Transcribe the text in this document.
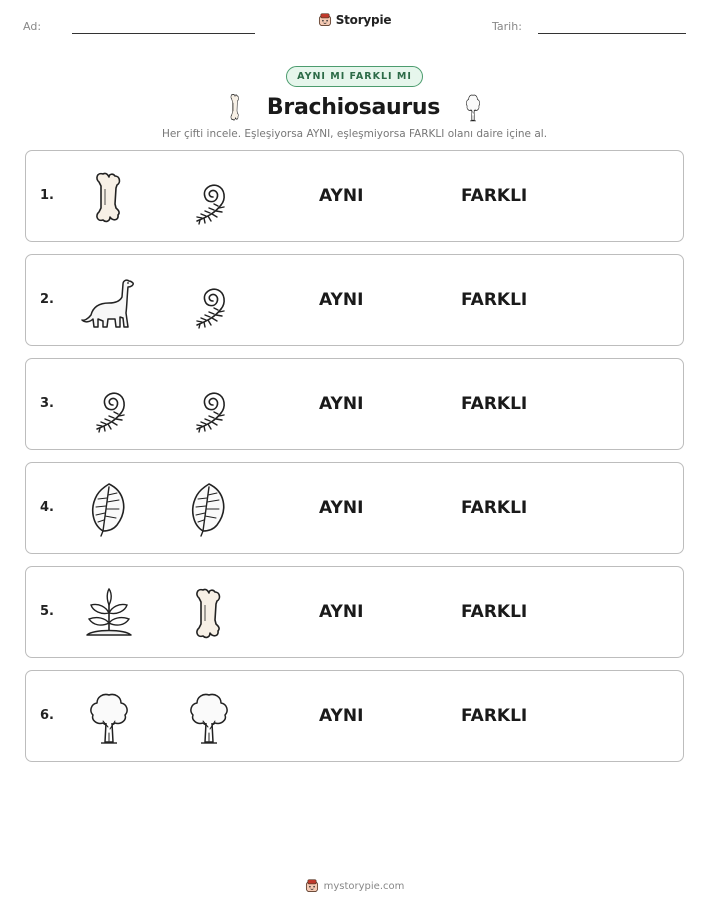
Ad:	Storypie	Tarih:
AYNI MI FARKLI MI
Brachiosaurus

Her çifti incele. Eşleşiyorsa AYNI, eşleşmiyorsa FARKLI olanı daire içine al.

1.	AYNI	FARKLI
2.	AYNI	FARKLI
3.	AYNI	FARKLI
4.	AYNI	FARKLI
5.	AYNI	FARKLI
6.	AYNI	FARKLI
mystorypie.com
